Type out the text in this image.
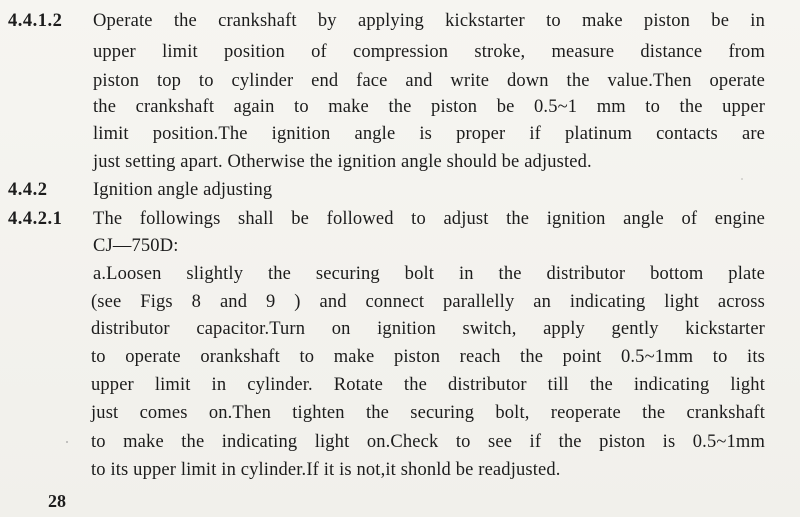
4.4.1.2 Operate the crankshaft by applying kickstarter to make piston be in
upper limit position of compression stroke, measure distance from
piston top to cylinder end face and write down the value.Then operate
the crankshaft again to make the piston be 0.5~1 mm to the upper
limit position.The ignition angle is proper if platinum contacts are
just setting apart. Otherwise the ignition angle should be adjusted.
4.4.2 Ignition angle adjusting
4.4.2.1 The followings shall be followed to adjust the ignition angle of engine
CJ—750D:
a.Loosen slightly the securing bolt in the distributor bottom plate
(see Figs 8 and 9 ) and connect parallelly an indicating light across
distributor capacitor.Turn on ignition switch, apply gently kickstarter
to operate orankshaft to make piston reach the point 0.5~1mm to its
upper limit in cylinder. Rotate the distributor till the indicating light
just comes on.Then tighten the securing bolt, reoperate the crankshaft
to make the indicating light on.Check to see if the piston is 0.5~1mm
to its upper limit in cylinder.If it is not,it shonld be readjusted.
28
